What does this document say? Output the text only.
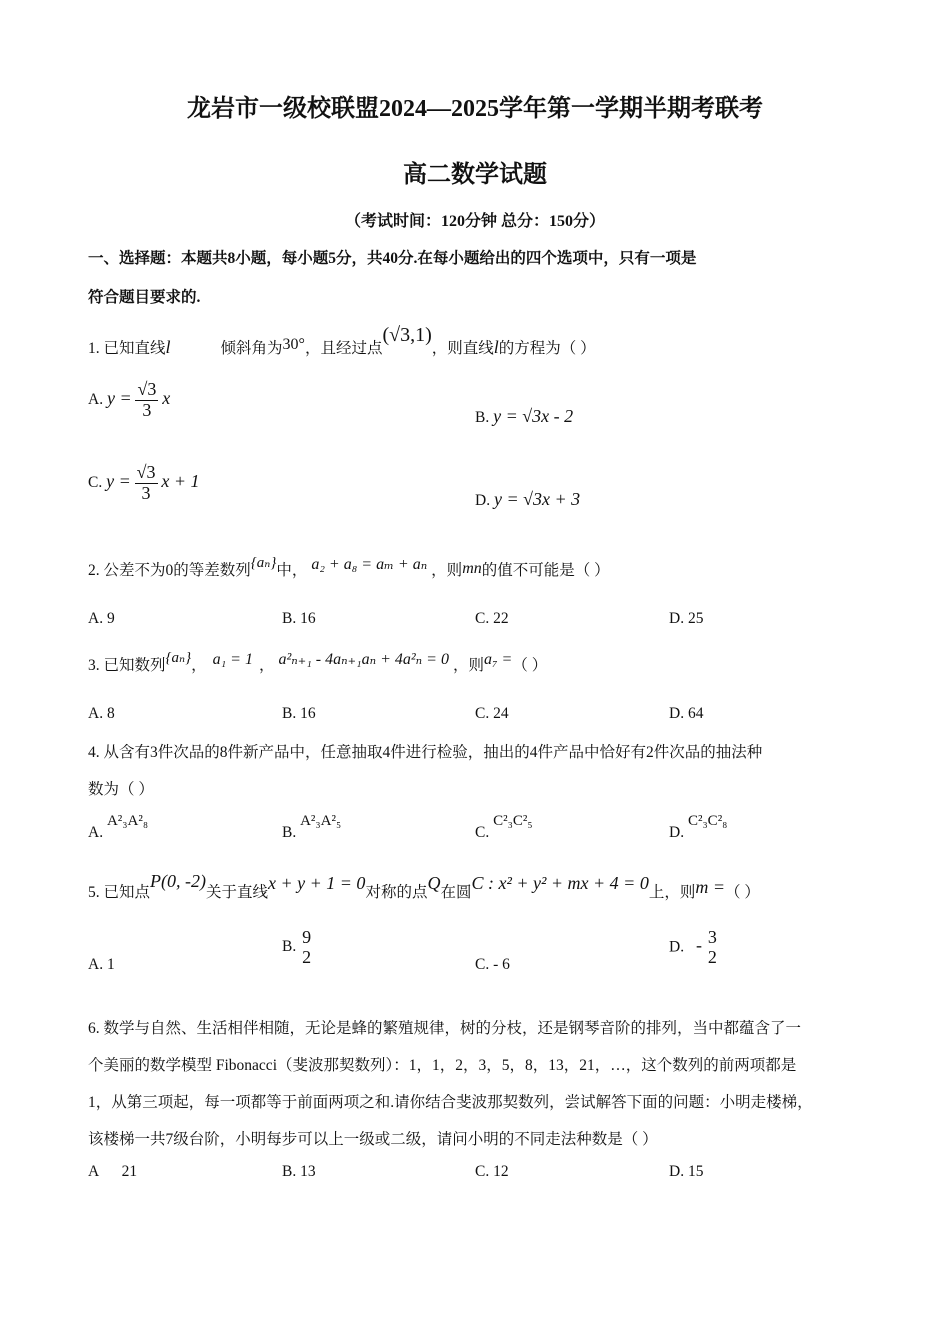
龙岩市一级校联盟2024—2025学年第一学期半期考联考
高二数学试题
（考试时间：120分钟 总分：150分）
一、选择题：本题共8小题，每小题5分，共40分.在每小题给出的四个选项中，只有一项是
符合题目要求的.
1. 已知直线l	倾斜角为30°，且经过点(√3,1)，则直线l的方程为（ ）
A. $y = \frac{√3}{3}$ x
B. y = √3x - 2
C. $y = \frac{√3}{3}$ x + 1
D. y = √3x + 3
2. 公差不为0的等差数列{aₙ}中， a₂ + a₈ = aₘ + aₙ ，则mn的值不可能是（ ）
A. 9	B. 16	C. 22	D. 25
3. 已知数列{aₙ}， a₁ = 1 ， a²ₙ₊₁ - 4aₙ₊₁aₙ + 4a²ₙ = 0 ，则a₇ =（ ）
A. 8	B. 16	C. 24	D. 64
4. 从含有3件次品的8件新产品中，任意抽取4件进行检验，抽出的4件产品中恰好有2件次品的抽法种
数为（ ）
A. A²₃A²₈
B. A²₃A²₅
C. C²₃C²₅
D. C²₃C²₈
5. 已知点P(0, -2)关于直线x + y + 1 = 0对称的点Q在圆C : x² + y² + mx + 4 = 0上，则m =（ ）
A. 1
B. 9
2	C. - 6
D. - 3
2
6. 数学与自然、生活相伴相随，无论是蜂的繁殖规律，树的分枝，还是钢琴音阶的排列，当中都蕴含了一
个美丽的数学模型 Fibonacci（斐波那契数列）：1，1，2，3，5，8，13，21，…，这个数列的前两项都是
1，从第三项起，每一项都等于前面两项之和.请你结合斐波那契数列，尝试解答下面的问题：小明走楼梯，
该楼梯一共7级台阶，小明每步可以上一级或二级，请问小明的不同走法种数是（ ）
A      21	B. 13	C. 12	D. 15
